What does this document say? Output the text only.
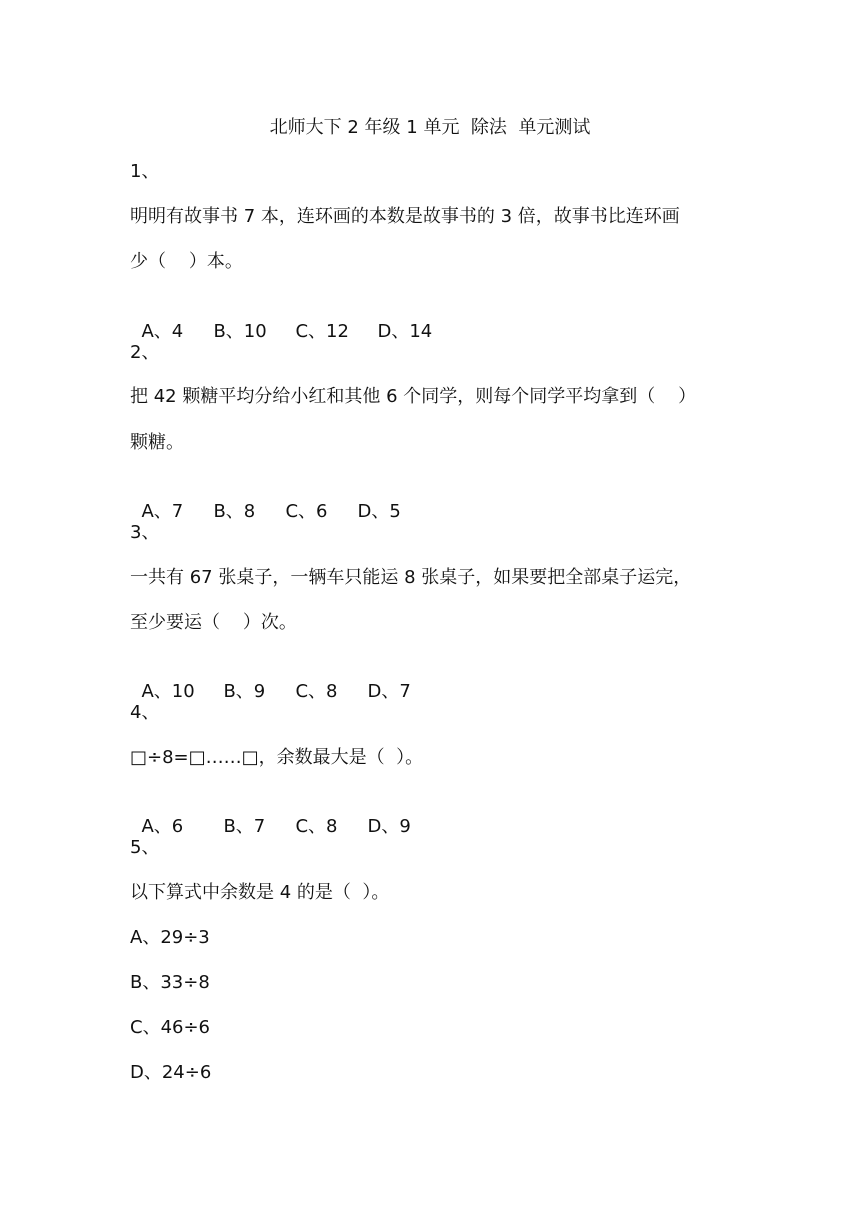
北师大下 2 年级 1 单元  除法  单元测试
1、
明明有故事书 7 本，连环画的本数是故事书的 3 倍，故事书比连环画
少（    ）本。

A、4 B、10 C、12 D、14

2、
把 42 颗糖平均分给小红和其他 6 个同学，则每个同学平均拿到（    ）
颗糖。

A、7 B、8 C、6 D、5

3、
一共有 67 张桌子，一辆车只能运 8 张桌子，如果要把全部桌子运完，
至少要运（    ）次。

A、10 B、9 C、8 D、7

4、
□÷8=□……□，余数最大是（  ）。

A、6 B、7 C、8 D、9

5、
以下算式中余数是 4 的是（  ）。
A、29÷3
B、33÷8
C、46÷6
D、24÷6
